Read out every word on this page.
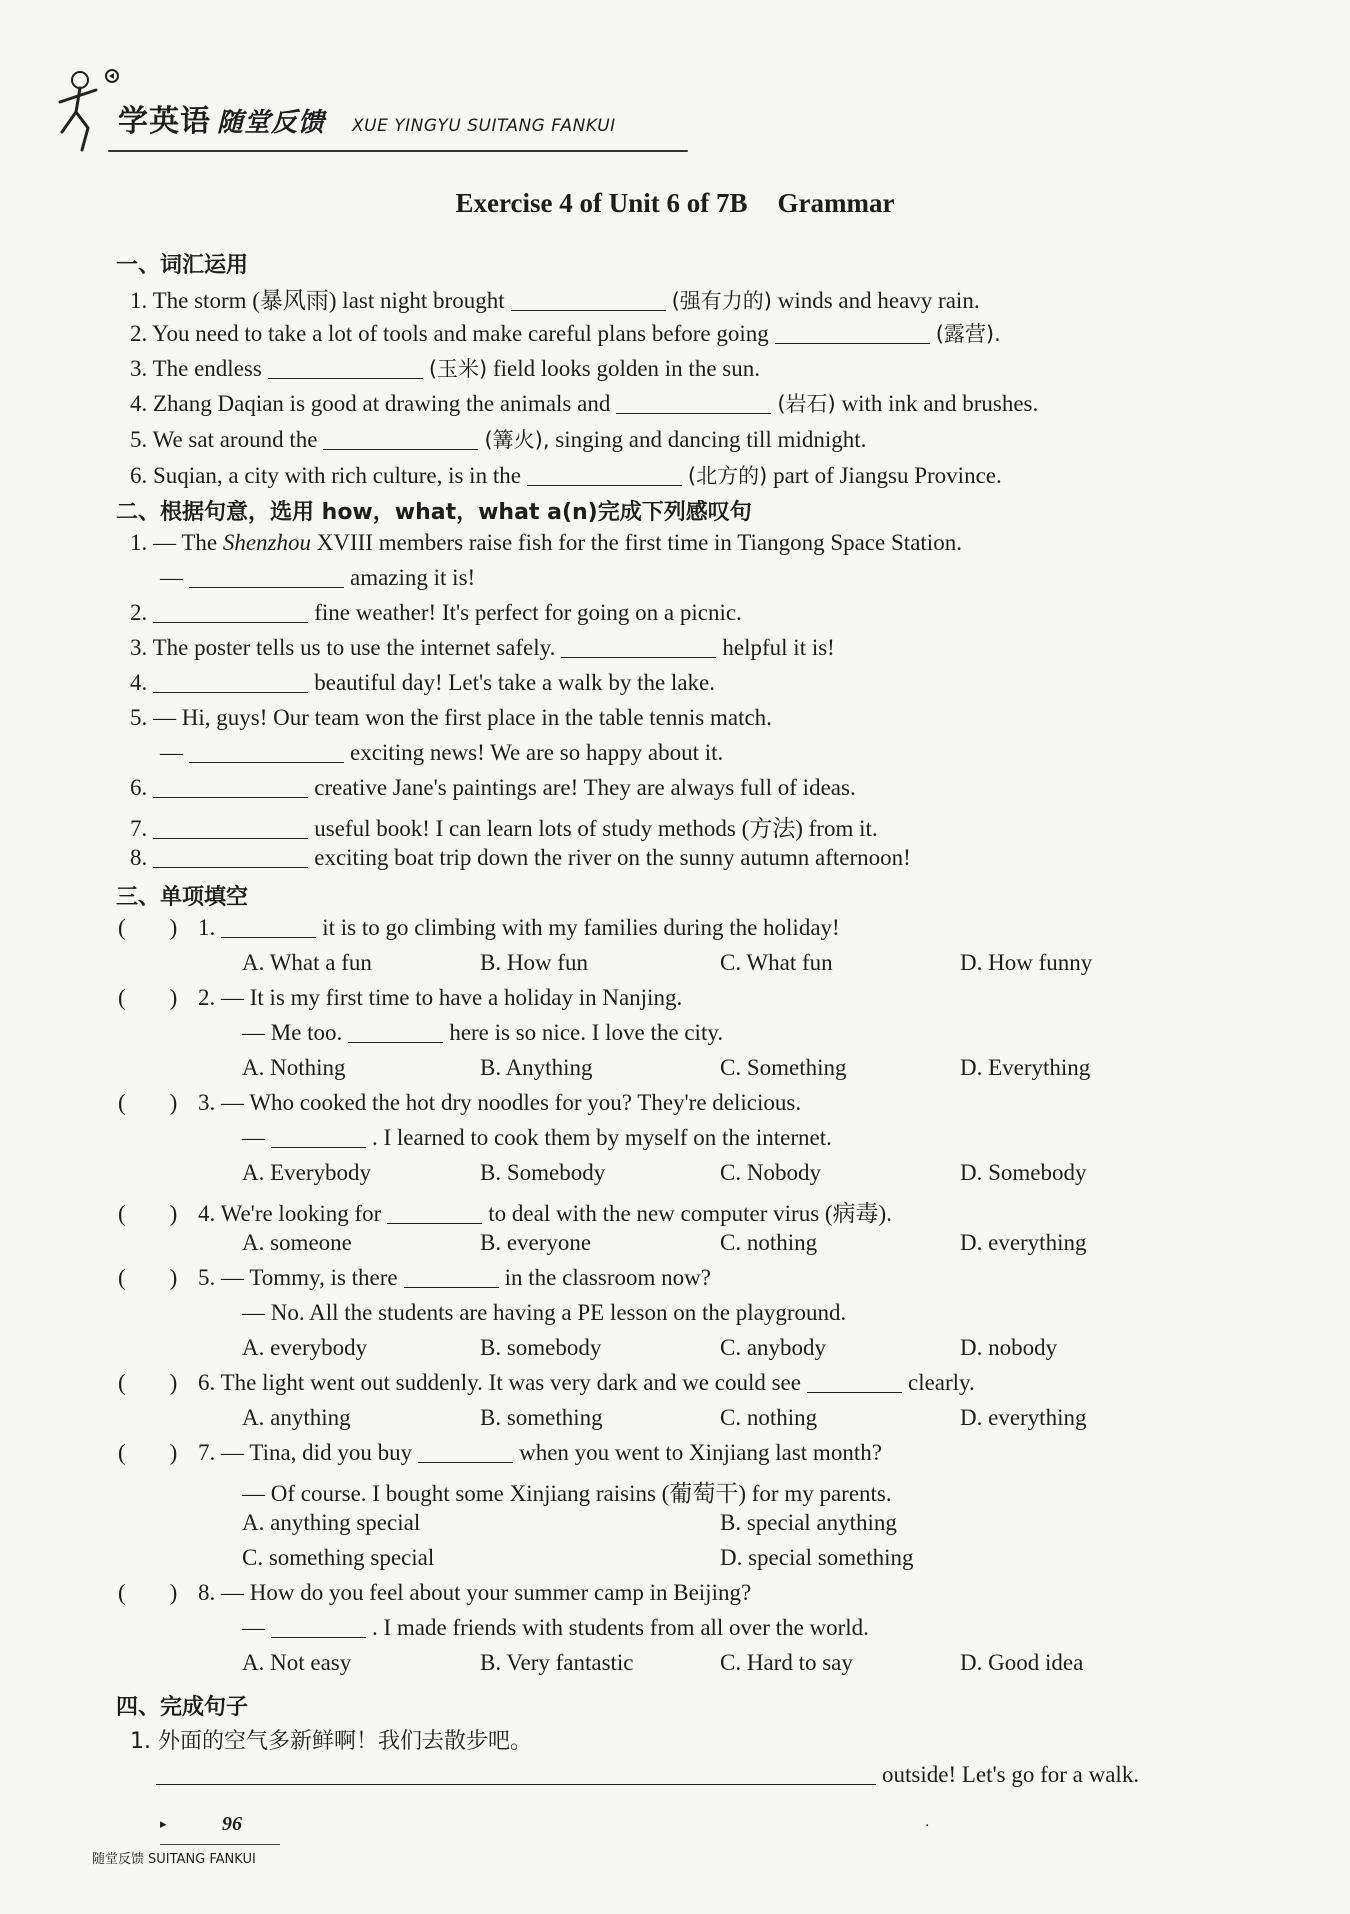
学英语 随堂反馈 XUE YINGYU SUITANG FANKUI
Exercise 4 of Unit 6 of 7B Grammar
一、词汇运用
1. The storm (暴风雨) last night brought	(强有力的) winds and heavy rain.
2. You need to take a lot of tools and make careful plans before going	(露营).
3. The endless	(玉米) field looks golden in the sun.
4. Zhang Daqian is good at drawing the animals and	(岩石) with ink and brushes.
5. We sat around the	(篝火), singing and dancing till midnight.
6. Suqian, a city with rich culture, is in the	(北方的) part of Jiangsu Province.
二、根据句意，选用 how，what，what a(n)完成下列感叹句
1. — The Shenzhou XVIII members raise fish for the first time in Tiangong Space Station.
—	amazing it is!
2.	fine weather! It's perfect for going on a picnic.
3. The poster tells us to use the internet safely.	helpful it is!
4.	beautiful day! Let's take a walk by the lake.
5. — Hi, guys! Our team won the first place in the table tennis match.
—	exciting news! We are so happy about it.
6.	creative Jane's paintings are! They are always full of ideas.
7.	useful book! I can learn lots of study methods (方法) from it.
8.	exciting boat trip down the river on the sunny autumn afternoon!
三、单项填空
( ) 1.	it is to go climbing with my families during the holiday!
A. What a fun	B. How fun	C. What fun	D. How funny
( ) 2. — It is my first time to have a holiday in Nanjing.
— Me too.	here is so nice. I love the city.
A. Nothing	B. Anything	C. Something	D. Everything
( ) 3. — Who cooked the hot dry noodles for you? They're delicious.
—	. I learned to cook them by myself on the internet.
A. Everybody	B. Somebody	C. Nobody	D. Somebody
( ) 4. We're looking for	to deal with the new computer virus (病毒).
A. someone	B. everyone	C. nothing	D. everything
( ) 5. — Tommy, is there	in the classroom now?
— No. All the students are having a PE lesson on the playground.
A. everybody	B. somebody	C. anybody	D. nobody
( ) 6. The light went out suddenly. It was very dark and we could see	clearly.
A. anything	B. something	C. nothing	D. everything
( ) 7. — Tina, did you buy	when you went to Xinjiang last month?
— Of course. I bought some Xinjiang raisins (葡萄干) for my parents.
A. anything special	B. special anything
C. something special	D. special something
( ) 8. — How do you feel about your summer camp in Beijing?
—	. I made friends with students from all over the world.
A. Not easy	B. Very fantastic	C. Hard to say	D. Good idea
四、完成句子
1. 外面的空气多新鲜啊！我们去散步吧。
outside! Let's go for a walk.
·
▸	96
随堂反馈 SUITANG FANKUI
